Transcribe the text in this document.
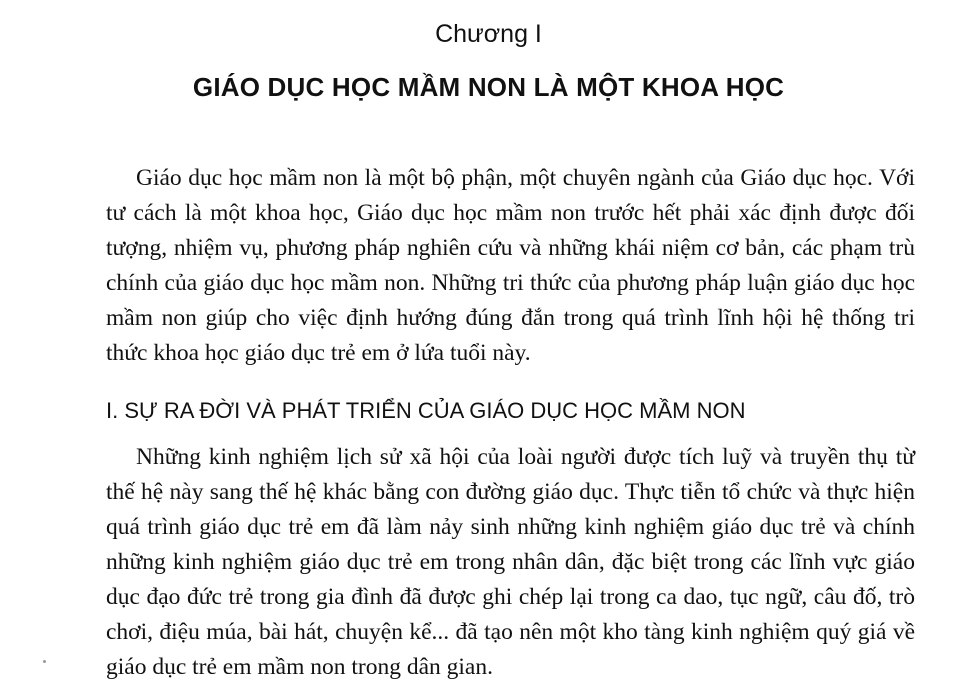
Chương I
GIÁO DỤC HỌC MẦM NON LÀ MỘT KHOA HỌC

Giáo dục học mầm non là một bộ phận, một chuyên ngành của Giáo dục học. Với tư cách là một khoa học, Giáo dục học mầm non trước hết phải xác định được đối tượng, nhiệm vụ, phương pháp nghiên cứu và những khái niệm cơ bản, các phạm trù chính của giáo dục học mầm non. Những tri thức của phương pháp luận giáo dục học mầm non giúp cho việc định hướng đúng đắn trong quá trình lĩnh hội hệ thống tri thức khoa học giáo dục trẻ em ở lứa tuổi này.

I. SỰ RA ĐỜI VÀ PHÁT TRIỂN CỦA GIÁO DỤC HỌC MẦM NON

Những kinh nghiệm lịch sử xã hội của loài người được tích luỹ và truyền thụ từ thế hệ này sang thế hệ khác bằng con đường giáo dục. Thực tiễn tổ chức và thực hiện quá trình giáo dục trẻ em đã làm nảy sinh những kinh nghiệm giáo dục trẻ và chính những kinh nghiệm giáo dục trẻ em trong nhân dân, đặc biệt trong các lĩnh vực giáo dục đạo đức trẻ trong gia đình đã được ghi chép lại trong ca dao, tục ngữ, câu đố, trò chơi, điệu múa, bài hát, chuyện kể... đã tạo nên một kho tàng kinh nghiệm quý giá về giáo dục trẻ em mầm non trong dân gian.
